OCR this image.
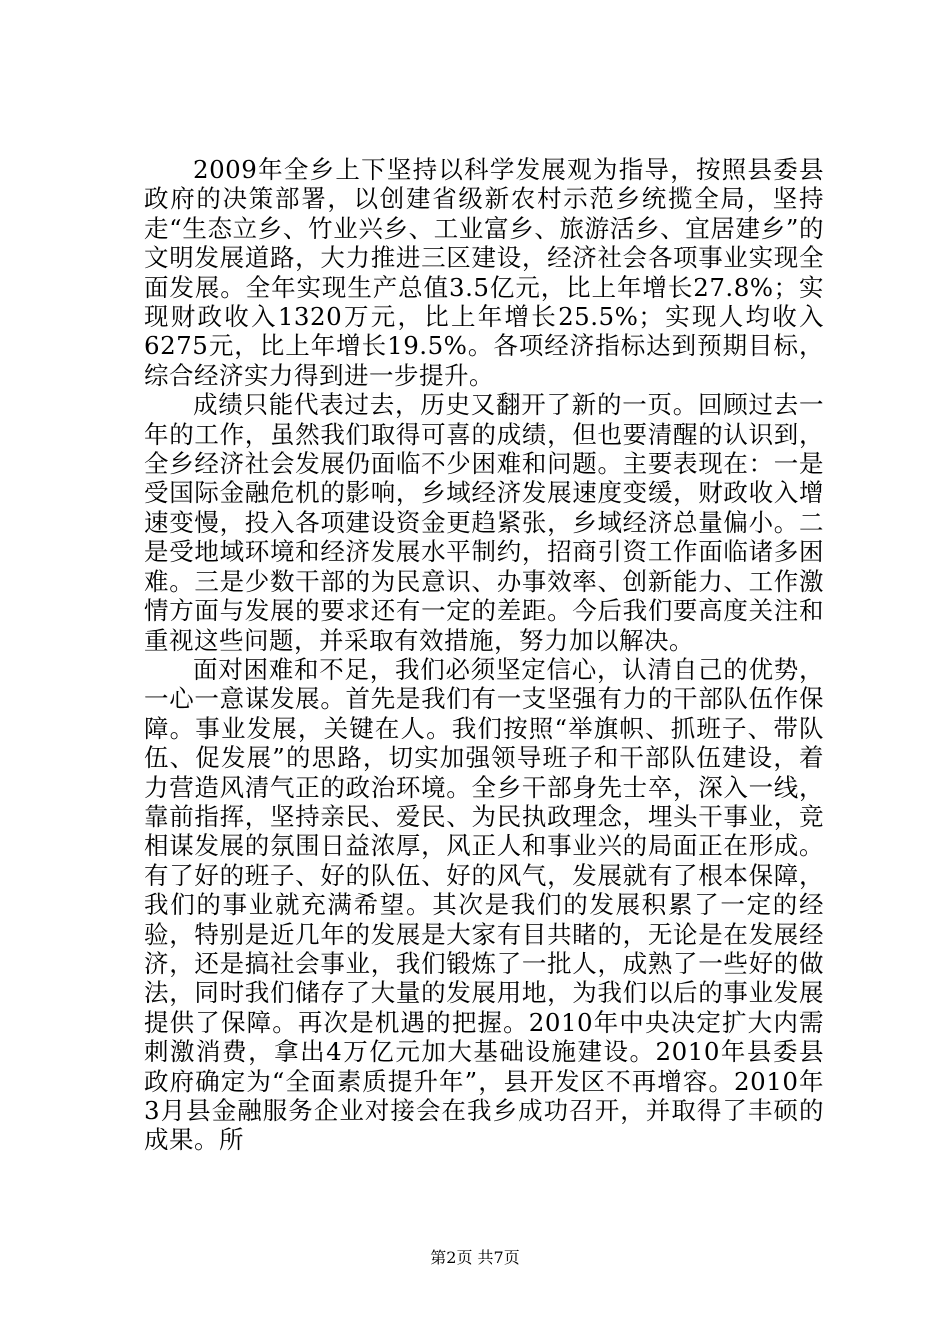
2009年全乡上下坚持以科学发展观为指导，按照县委县政府的决策部署，以创建省级新农村示范乡统揽全局，坚持走“生态立乡、竹业兴乡、工业富乡、旅游活乡、宜居建乡”的文明发展道路，大力推进三区建设，经济社会各项事业实现全面发展。全年实现生产总值3.5亿元，比上年增长27.8%；实现财政收入1320万元，比上年增长25.5%；实现人均收入6275元，比上年增长19.5%。各项经济指标达到预期目标，综合经济实力得到进一步提升。

成绩只能代表过去，历史又翻开了新的一页。回顾过去一年的工作，虽然我们取得可喜的成绩，但也要清醒的认识到，全乡经济社会发展仍面临不少困难和问题。主要表现在：一是受国际金融危机的影响，乡域经济发展速度变缓，财政收入增速变慢，投入各项建设资金更趋紧张，乡域经济总量偏小。二是受地域环境和经济发展水平制约，招商引资工作面临诸多困难。三是少数干部的为民意识、办事效率、创新能力、工作激情方面与发展的要求还有一定的差距。今后我们要高度关注和重视这些问题，并采取有效措施，努力加以解决。

面对困难和不足，我们必须坚定信心，认清自己的优势，一心一意谋发展。首先是我们有一支坚强有力的干部队伍作保障。事业发展，关键在人。我们按照“举旗帜、抓班子、带队伍、促发展”的思路，切实加强领导班子和干部队伍建设，着力营造风清气正的政治环境。全乡干部身先士卒，深入一线，靠前指挥，坚持亲民、爱民、为民执政理念，埋头干事业，竞相谋发展的氛围日益浓厚，风正人和事业兴的局面正在形成。有了好的班子、好的队伍、好的风气，发展就有了根本保障，我们的事业就充满希望。其次是我们的发展积累了一定的经验，特别是近几年的发展是大家有目共睹的，无论是在发展经济，还是搞社会事业，我们锻炼了一批人，成熟了一些好的做法，同时我们储存了大量的发展用地，为我们以后的事业发展提供了保障。再次是机遇的把握。2010年中央决定扩大内需刺激消费，拿出4万亿元加大基础设施建设。2010年县委县政府确定为“全面素质提升年”，县开发区不再增容。2010年3月县金融服务企业对接会在我乡成功召开，并取得了丰硕的成果。所

第2页 共7页
